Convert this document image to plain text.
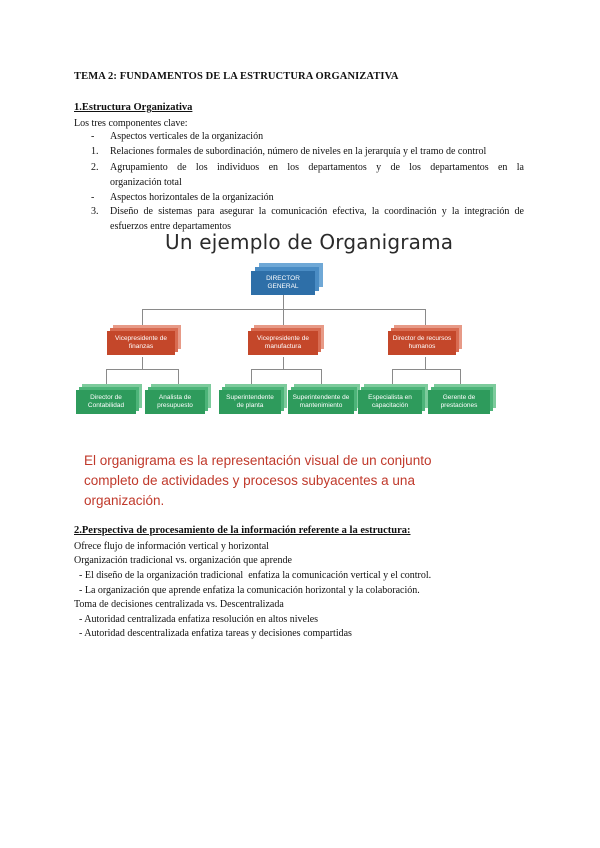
TEMA 2: FUNDAMENTOS DE LA ESTRUCTURA ORGANIZATIVA
1.Estructura Organizativa
Los tres componentes clave:
-	Aspectos verticales de la organización
1.	Relaciones formales de subordinación, número de niveles en la jerarquía y el tramo de control
2.	Agrupamiento de los individuos en los departamentos y de los departamentos en la
organización total
-	Aspectos horizontales de la organización
3.	Diseño de sistemas para asegurar la comunicación efectiva, la coordinación y la integración de
esfuerzos entre departamentos
Un ejemplo de Organigrama
DIRECTOR GENERAL
Vicepresidente de finanzas
Vicepresidente de manufactura
Director de recursos humanos
Director de Contabilidad
Analista de presupuesto
Superintendente de planta
Superintendente de mantenimiento
Especialista en capacitación
Gerente de prestaciones
El organigrama es la representación visual de un conjunto completo de actividades y procesos subyacentes a una organización.
2.Perspectiva de procesamiento de la información referente a la estructura:
Ofrece flujo de información vertical y horizontal
Organización tradicional vs. organización que aprende
- El diseño de la organización tradicional  enfatiza la comunicación vertical y el control.
- La organización que aprende enfatiza la comunicación horizontal y la colaboración.
Toma de decisiones centralizada vs. Descentralizada
- Autoridad centralizada enfatiza resolución en altos niveles
- Autoridad descentralizada enfatiza tareas y decisiones compartidas
